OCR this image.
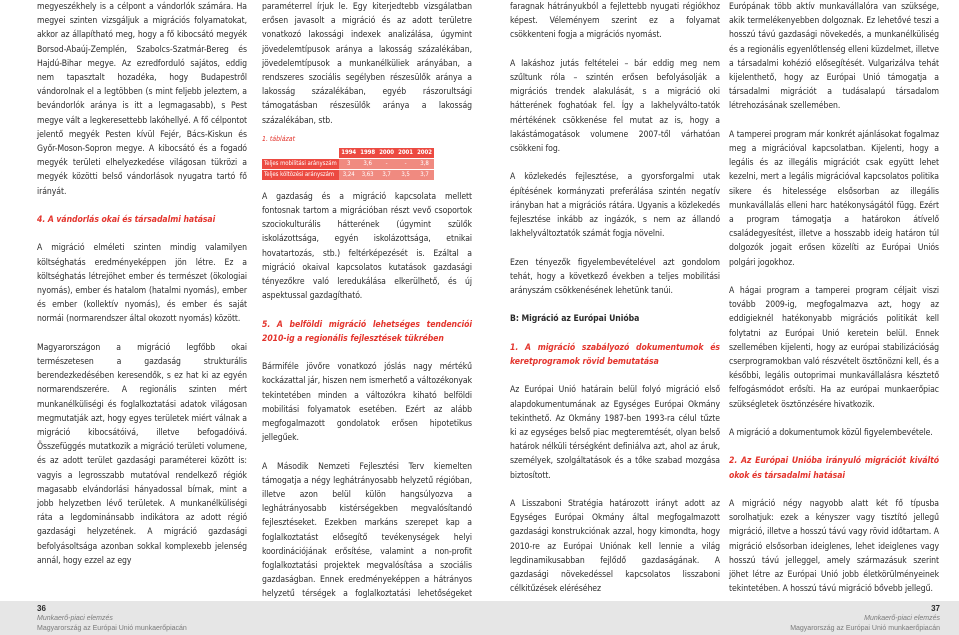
megyeszékhely is a célpont a vándorlók számára. Ha megyei szinten vizsgáljuk a migrációs folyamatokat, akkor az állapítható meg, hogy a fő kibocsátó megyék Borsod-Abaúj-Zemplén, Szabolcs-Szatmár-Bereg és Hajdú-Bihar megye. Az ezredforduló sajátos, eddig nem tapasztalt hozadéka, hogy Budapestről vándorolnak el a legtöbben (s mint feljebb jeleztem, a bevándorlók aránya is itt a legmagasabb), s Pest megye vált a legkeresettebb lakóhellyé. A fő célpontot jelentő megyék Pesten kívül Fejér, Bács-Kiskun és Győr-Moson-Sopron megye. A kibocsátó és a fogadó megyék területi elhelyezkedése világosan tükrözi a megyék közötti belső vándorlások nyugatra tartó fő irányát.

4. A vándorlás okai és társadalmi hatásai

A migráció elméleti szinten mindig valamilyen költséghatás eredményeképpen jön létre. Ez a költséghatás létrejöhet ember és természet (ökologiai nyomás), ember és hatalom (hatalmi nyomás), ember és ember (kollektív nyomás), és ember és saját normái (normarendszer által okozott nyomás) között.

Magyarországon a migráció legfőbb okai természetesen a gazdaság strukturális berendezkedésében keresendők, s ez hat ki az egyén normarendszerére. A regionális szinten mért munkanélküliségi és foglalkoztatási adatok világosan megmutatják azt, hogy egyes területek miért válnak a migráció kibocsátóivá, illetve befogadóivá. Összefüggés mutatkozik a migráció területi volumene, és az adott terület gazdasági paraméterei között is: vagyis a legrosszabb mutatóval rendelkező régiók magasabb elvándorlási hányadossal bírnak, mint a jobb helyzetben lévő területek. A munkanélküliségi ráta a legdominánsabb indikátora az adott régió gazdasági helyzetének. A migráció gazdasági befolyásoltsága azonban sokkal komplexebb jelenség annál, hogy ezzel az egy

paraméterrel írjuk le. Egy kiterjedtebb vizsgálatban erősen javasolt a migráció és az adott területre vonatkozó lakossági indexek analizálása, úgymint jövedelemtípusok aránya a lakosság százalékában, jövedelemtípusok a munkanélküliek arányában, a rendszeres szociális segélyben részesülők aránya a lakosság százalékában, egyéb rászorultsági támogatásban részesülők aránya a lakosság százalékában, stb.

1. táblázat
	1994	1998	2000	2001	2002
Teljes mobilitási arányszám	3	3,6	-	-	3,8
Teljes költözési arányszám	3,24	3,63	3,7	3,5	3,7

A gazdaság és a migráció kapcsolata mellett fontosnak tartom a migrációban részt vevő csoportok szociokulturális hátterének (úgymint szülők iskolázottsága, egyén iskolázottsága, etnikai hovatartozás, stb.) feltérképezését is. Ezáltal a migráció okaival kapcsolatos kutatások gazdasági tényezőkre való leredukálása elkerülhető, és új aspektussal gazdagítható.

5. A belföldi migráció lehetséges tendenciói 2010-ig a regionális fejlesztések tükrében

Bármiféle jövőre vonatkozó jóslás nagy mértékű kockázattal jár, hiszen nem ismerhető a változékonyak tekintetében minden a változókra kiható belföldi mobilitási folyamatok esetében. Ezért az alább megfogalmazott gondolatok erősen hipotetikus jellegűek.

A Második Nemzeti Fejlesztési Terv kiemelten támogatja a négy leghátrányosabb helyzetű régióban, illetve azon belül külön hangsúlyozva a leghátrányosabb kistérségekben megvalósítandó fejlesztéseket. Ezekben markáns szerepet kap a foglalkoztatást elősegítő tevékenységek helyi koordinációjának erősítése, valamint a non-profit foglalkoztatási projektek megvalósítása a szociális gazdaságban. Ennek eredményeképpen a hátrányos helyzetű térségek a foglalkoztatási lehetőségeket

faragnak hátrányukból a fejlettebb nyugati régiókhoz képest. Véleményem szerint ez a folyamat csökkenteni fogja a migrációs nyomást.

A lakáshoz jutás feltételei – bár eddig meg nem szűltunk róla – szintén erősen befolyásolják a migrációs trendek alakulását, s a migráció oki hátterének foghatóak fel. Így a lakhelyválto-tatók mértékének csökkenése fel mutat az is, hogy a lakástámogatások volumene 2007-től várhatóan csökkeni fog.

A közlekedés fejlesztése, a gyorsforgalmi utak építésének kormányzati preferálása szintén negatív irányban hat a migrációs rátára. Ugyanis a közlekedés fejlesztése inkább az ingázók, s nem az állandó lakhelyváltoztatók számát fogja növelni.

Ezen tényezők figyelembevételével azt gondolom tehát, hogy a következő években a teljes mobilitási arányszám csökkenésének lehetünk tanúi.

B: Migráció az Európai Unióba

1. A migráció szabályozó dokumentumok és keretprogramok rövid bemutatása

Az Európai Unió határain belül folyó migráció első alapdokumentumának az Egységes Európai Okmány tekinthető. Az Okmány 1987-ben 1993-ra célul tűzte ki az egységes belső piac megteremtését, olyan belső határok nélküli térségként definiálva azt, ahol az áruk, személyek, szolgáltatások és a tőke szabad mozgása biztosított.

A Lisszaboni Stratégia határozott irányt adott az Egységes Európai Okmány által megfogalmazott gazdasági konstrukciónak azzal, hogy kimondta, hogy 2010-re az Európai Uniónak kell lennie a világ legdinamikusabban fejlődő gazdaságának. A gazdasági növekedéssel kapcsolatos lisszaboni célkitűzések eléréséhez

Európának több aktív munkavállalóra van szüksége, akik termelékenyebben dolgoznak. Ez lehetővé teszi a hosszú távú gazdasági növekedés, a munkanélküliség és a regionális egyenlőtlenség elleni küzdelmet, illetve a társadalmi kohézió elősegítését. Vulgarizálva tehát kijelenthető, hogy az Európai Unió támogatja a társadalmi migrációt a tudásalapú társadalom létrehozásának szellemében.

A tamperei program már konkrét ajánlásokat fogalmaz meg a migrációval kapcsolatban. Kijelenti, hogy a legális és az illegális migrációt csak együtt lehet kezelni, mert a legális migrációval kapcsolatos politika sikere és hitelessége elsősorban az illegális munkavállalás elleni harc hatékonyságától függ. Ezért a program támogatja a határokon átívelő családegyesítést, illetve a hosszabb ideig határon túl dolgozók jogait erősen közelíti az Európai Uniós polgári jogokhoz.

A hágai program a tamperei program céljait viszi tovább 2009-ig, megfogalmazva azt, hogy az eddigieknél hatékonyabb migrációs politikát kell folytatni az Európai Unió keretein belül. Ennek szellemében kijelenti, hogy az európai stabilizációság cserprogramokban való részvételt ösztönözni kell, és a későbbi, legális outoprimai munkavállalásra késztető felfogásmódot erősíti. Ha az európai munkaerőpiac szükségletek ösztönzésére hivatkozik.

A migráció a dokumentumok közül figyelembevétele.

2. Az Európai Unióba irányuló migrációt kiváltó okok és társadalmi hatásai

A migráció négy nagyobb alatt két fő típusba sorolhatjuk: ezek a kényszer vagy tisztító jellegű migráció, illetve a hosszú távú vagy rövid időtartam. A migráció elsősorban ideiglenes, lehet ideiglenes vagy hosszú távú jelleggel, amely származásuk szerint jöhet létre az Európai Unió jobb életkörülményeinek tekintetében. A hosszú távú migráció bővebb jellegű.

36
Munkaerő-piaci elemzés
Magyarország az Európai Unió munkaerőpiacán
37
Munkaerő-piaci elemzés
Magyarország az Európai Unió munkaerőpiacán
